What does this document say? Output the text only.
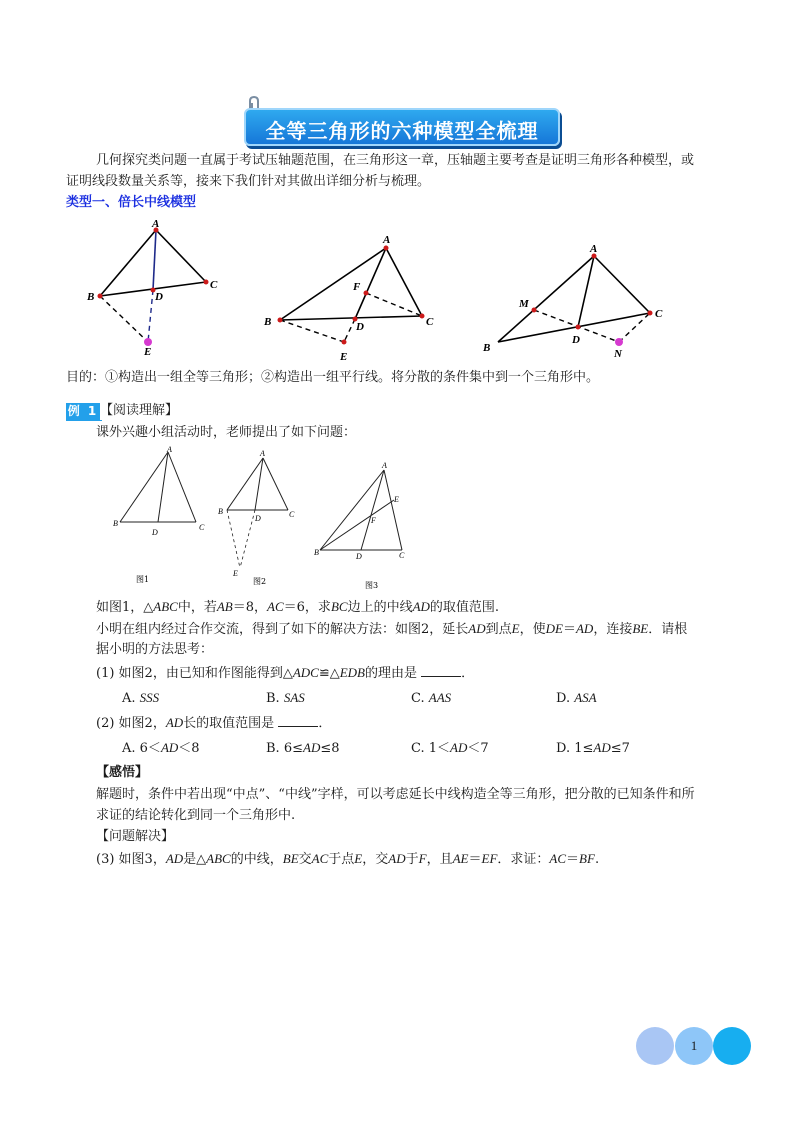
全等三角形的六种模型全梳理
几何探究类问题一直属于考试压轴题范围，在三角形这一章，压轴题主要考查是证明三角形各种模型，或
证明线段数量关系等，接来下我们针对其做出详细分析与梳理。
类型一、倍长中线模型
A
B
C
D
E
A
B	C
D
E
F
A
B
C
D
M
N
目的：①构造出一组全等三角形；②构造出一组平行线。将分散的条件集中到一个三角形中。
例 1 【阅读理解】
课外兴趣小组活动时，老师提出了如下问题：
A
B
D
C
图1
A
B
D	C
E
图2
A
E
F
B	D	C
图3
如图1，△ABC中，若AB＝8，AC＝6，求BC边上的中线AD的取值范围.
小明在组内经过合作交流，得到了如下的解决方法：如图2，延长AD到点E，使DE＝AD，连接BE．请根
据小明的方法思考：
(1) 如图2，由已知和作图能得到△ADC≌△EDB的理由是	．
A. SSS	B. SAS	C. AAS	D. ASA
(2) 如图2，AD长的取值范围是	．
A. 6＜AD＜8	B. 6≤AD≤8	C. 1＜AD＜7	D. 1≤AD≤7
【感悟】
解题时，条件中若出现“中点”、“中线”字样，可以考虑延长中线构造全等三角形，把分散的已知条件和所
求证的结论转化到同一个三角形中.
【问题解决】
(3) 如图3，AD是△ABC的中线，BE交AC于点E，交AD于F，且AE＝EF．求证：AC＝BF.
1
